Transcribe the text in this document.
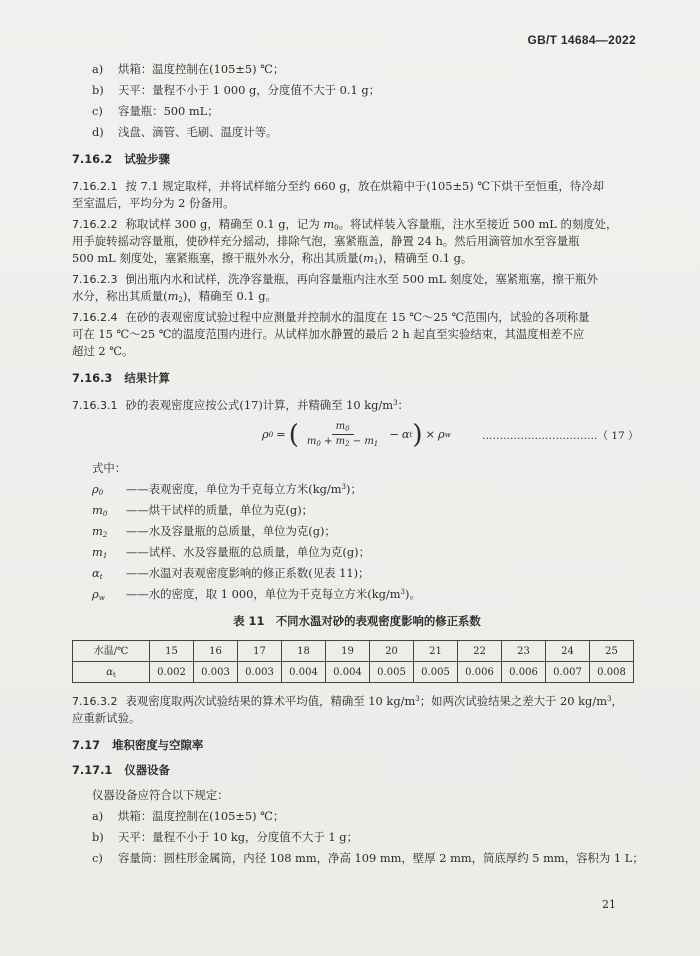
GB/T 14684—2022
a) 烘箱：温度控制在(105±5) ℃；
b) 天平：量程不小于 1 000 g，分度值不大于 0.1 g；
c) 容量瓶：500 mL；
d) 浅盘、滴管、毛刷、温度计等。
7.16.2 试验步骤
7.16.2.1 按 7.1 规定取样，并将试样缩分至约 660 g，放在烘箱中于(105±5) ℃下烘干至恒重，待冷却
至室温后，平均分为 2 份备用。
7.16.2.2 称取试样 300 g，精确至 0.1 g，记为 $m_0$。将试样装入容量瓶，注水至接近 500 mL 的刻度处，
用手旋转摇动容量瓶，使砂样充分摇动，排除气泡，塞紧瓶盖，静置 24 h。然后用滴管加水至容量瓶
500 mL 刻度处，塞紧瓶塞，擦干瓶外水分，称出其质量$(m_1)$，精确至 0.1 g。
7.16.2.3 倒出瓶内水和试样，洗净容量瓶，再向容量瓶内注水至 500 mL 刻度处，塞紧瓶塞，擦干瓶外
水分，称出其质量$(m_2)$，精确至 0.1 g。
7.16.2.4 在砂的表观密度试验过程中应测量并控制水的温度在 15 ℃～25 ℃范围内，试验的各项称量
可在 15 ℃～25 ℃的温度范围内进行。从试样加水静置的最后 2 h 起直至实验结束，其温度相差不应
超过 2 ℃。
7.16.3 结果计算
7.16.3.1 砂的表观密度应按公式(17)计算，并精确至 10 $kg/m^3$：
ρ 0 = ( $\frac{m_0}{m_0 + m_2 - m_1} - \alpha$ t ) × ρ w	……………………………（ 17 ）
式中：
$\rho_0$ ——表观密度，单位为千克每立方米$(kg/m^3)$；
$m_0$ ——烘干试样的质量，单位为克(g)；
$m_2$ ——水及容量瓶的总质量，单位为克(g)；
$m_1$ ——试样、水及容量瓶的总质量，单位为克(g)；
$\alpha_t$ ——水温对表观密度影响的修正系数(见表 11)；
$\rho_w$ ——水的密度，取 1 000，单位为千克每立方米$(kg/m^3)$。
表 11　不同水温对砂的表观密度影响的修正系数
水温/℃	15	16	17	18	19	20	21	22	23	24	25
$\alpha_t$	0.002	0.003	0.003	0.004	0.004	0.005	0.005	0.006	0.006	0.007	0.008
7.16.3.2 表观密度取两次试验结果的算术平均值，精确至 10 $kg/m^3$；如两次试验结果之差大于 20 $kg/m^3$，
应重新试验。
7.17 堆积密度与空隙率
7.17.1 仪器设备
仪器设备应符合以下规定：
a) 烘箱：温度控制在(105±5) ℃；
b) 天平：量程不小于 10 kg，分度值不大于 1 g；
c) 容量筒：圆柱形金属筒，内径 108 mm，净高 109 mm，壁厚 2 mm，筒底厚约 5 mm，容积为 1 L；
21
